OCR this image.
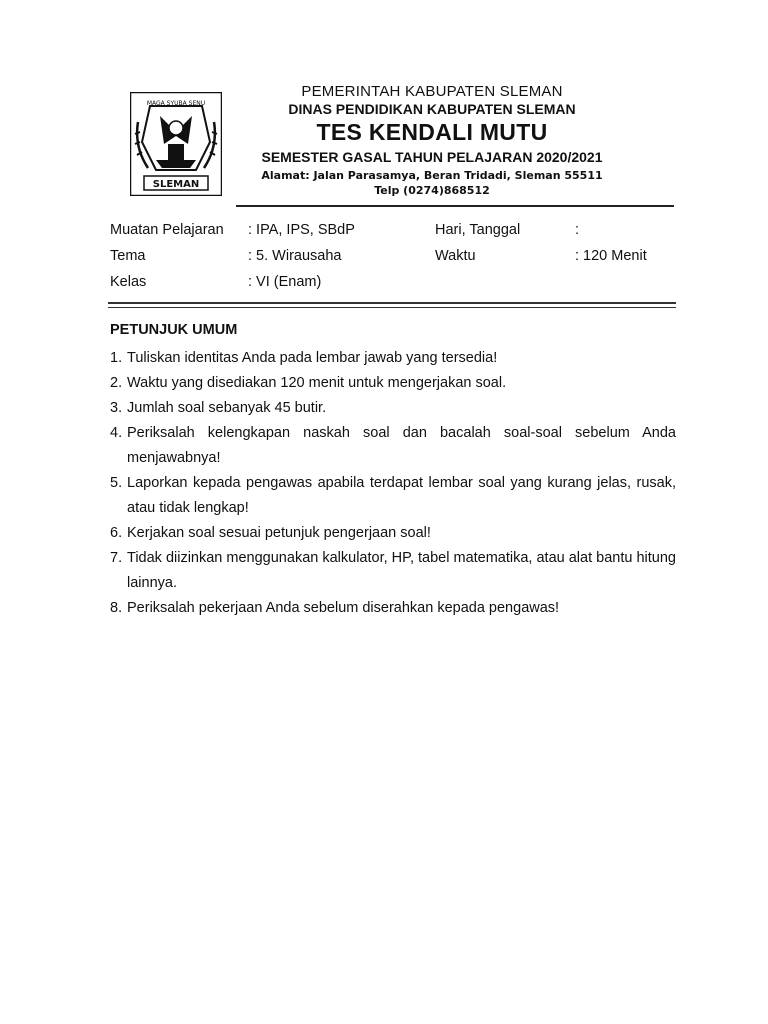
MAGA SYUBA SENU
SLEMAN
PEMERINTAH KABUPATEN SLEMAN
DINAS PENDIDIKAN KABUPATEN SLEMAN
TES KENDALI MUTU
SEMESTER GASAL TAHUN PELAJARAN 2020/2021
Alamat: Jalan Parasamya, Beran Tridadi, Sleman 55511
Telp (0274)868512
Muatan Pelajaran : IPA, IPS, SBdP	Hari, Tanggal	:
Tema	: 5. Wirausaha	Waktu	: 120 Menit
Kelas	: VI (Enam)
PETUNJUK UMUM
1. Tuliskan identitas Anda pada lembar jawab yang tersedia!
2. Waktu yang disediakan 120 menit untuk mengerjakan soal.
3. Jumlah soal sebanyak 45 butir.
4. Periksalah kelengkapan naskah soal dan bacalah soal-soal sebelum Anda menjawabnya!
5. Laporkan kepada pengawas apabila terdapat lembar soal yang kurang jelas, rusak, atau tidak lengkap!
6. Kerjakan soal sesuai petunjuk pengerjaan soal!
7. Tidak diizinkan menggunakan kalkulator, HP, tabel matematika, atau alat bantu hitung lainnya.
8. Periksalah pekerjaan Anda sebelum diserahkan kepada pengawas!
